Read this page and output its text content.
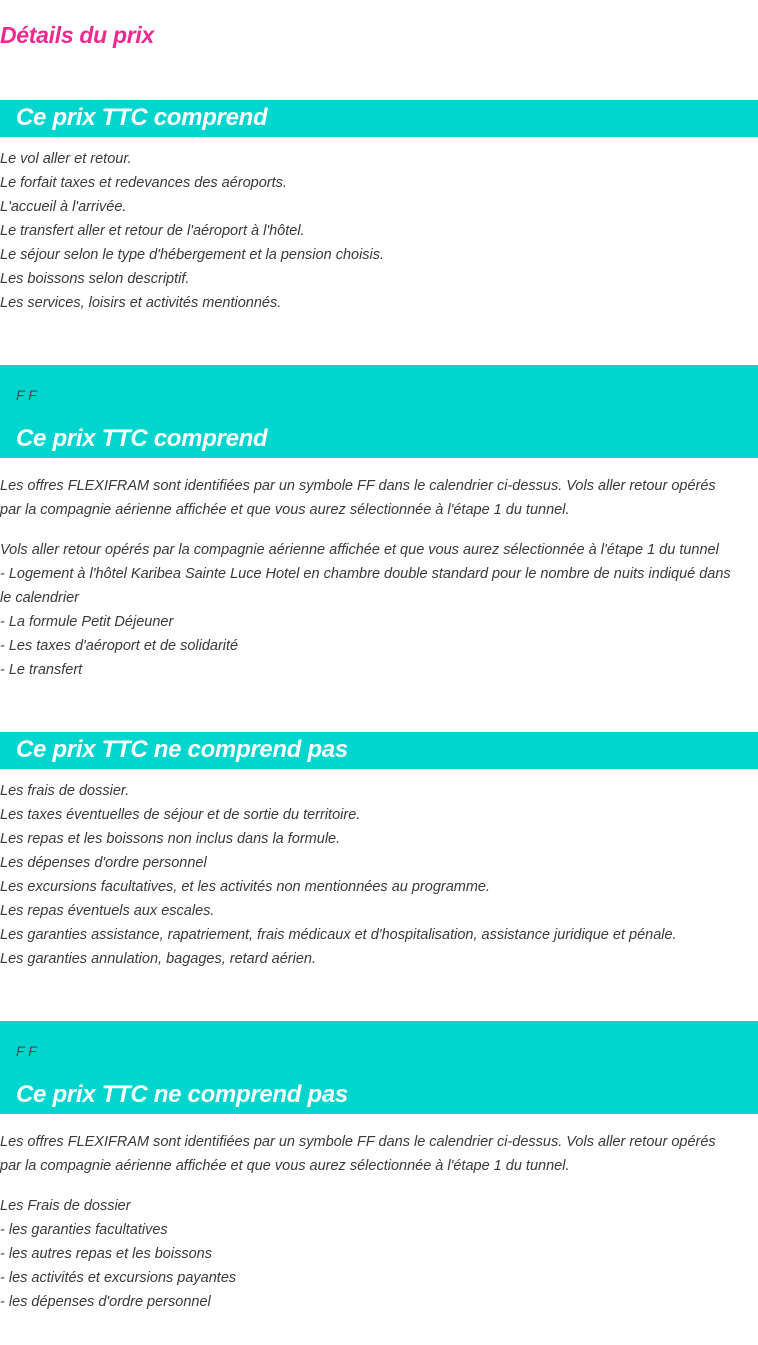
Détails du prix
Ce prix TTC comprend
Le vol aller et retour.
Le forfait taxes et redevances des aéroports.
L'accueil à l'arrivée.
Le transfert aller et retour de l'aéroport à l'hôtel.
Le séjour selon le type d'hébergement et la pension choisis.
Les boissons selon descriptif.
Les services, loisirs et activités mentionnés.
F F
Ce prix TTC comprend

Les offres FLEXIFRAM sont identifiées par un symbole FF dans le calendrier ci-dessus. Vols aller retour opérés par la compagnie aérienne affichée et que vous aurez sélectionnée à l'étape 1 du tunnel.

Vols aller retour opérés par la compagnie aérienne affichée et que vous aurez sélectionnée à l'étape 1 du tunnel
- Logement à l'hôtel Karibea Sainte Luce Hotel en chambre double standard pour le nombre de nuits indiqué dans le calendrier
- La formule Petit Déjeuner
- Les taxes d'aéroport et de solidarité
- Le transfert
Ce prix TTC ne comprend pas
Les frais de dossier.
Les taxes éventuelles de séjour et de sortie du territoire.
Les repas et les boissons non inclus dans la formule.
Les dépenses d'ordre personnel
Les excursions facultatives, et les activités non mentionnées au programme.
Les repas éventuels aux escales.
Les garanties assistance, rapatriement, frais médicaux et d'hospitalisation, assistance juridique et pénale.
Les garanties annulation, bagages, retard aérien.
F F
Ce prix TTC ne comprend pas

Les offres FLEXIFRAM sont identifiées par un symbole FF dans le calendrier ci-dessus. Vols aller retour opérés par la compagnie aérienne affichée et que vous aurez sélectionnée à l'étape 1 du tunnel.

Les Frais de dossier
- les garanties facultatives
- les autres repas et les boissons
- les activités et excursions payantes
- les dépenses d'ordre personnel
